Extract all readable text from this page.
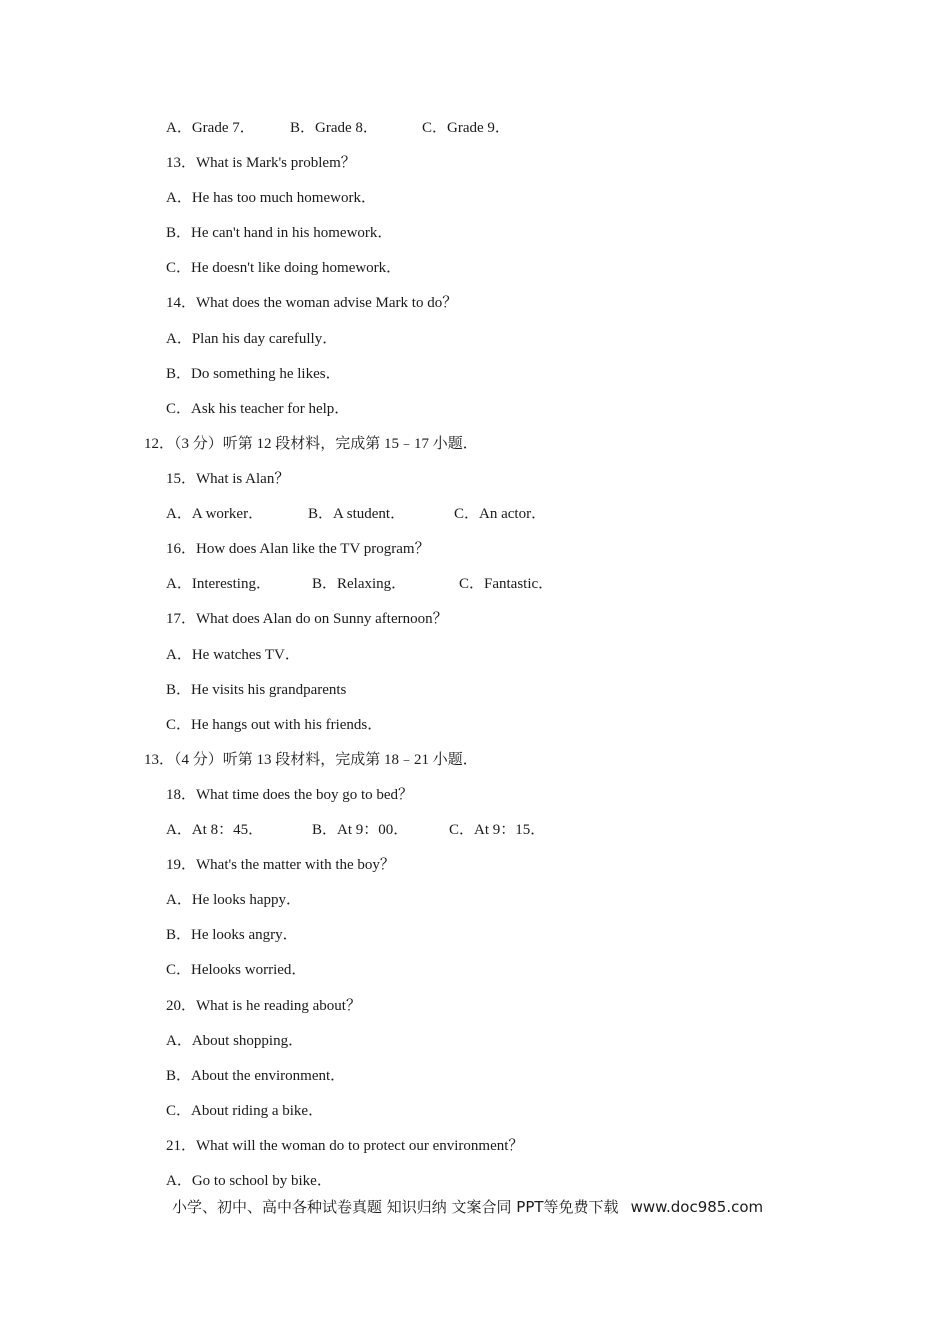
A．Grade 7． B．Grade 8．	C．Grade 9．
13．What is Mark's problem？
A．He has too much homework．
B．He can't hand in his homework．
C．He doesn't like doing homework．
14．What does the woman advise Mark to do？
A．Plan his day carefully．
B．Do something he likes．
C．Ask his teacher for help．
12．（3 分）听第 12 段材料，完成第 15﹣17 小题．
15．What is Alan？
A．A worker．	B．A student．	C．An actor．
16．How does Alan like the TV program？
A．Interesting．	B．Relaxing．	C．Fantastic．
17．What does Alan do on Sunny afternoon？
A．He watches TV．
B．He visits his grandparents
C．He hangs out with his friends．
13．（4 分）听第 13 段材料，完成第 18﹣21 小题．
18．What time does the boy go to bed？
A．At 8：45．	B．At 9：00．	C．At 9：15．
19．What's the matter with the boy？
A．He looks happy．
B．He looks angry．
C．Helooks worried．
20．What is he reading about？
A．About shopping．
B．About the environment．
C．About riding a bike．
21．What will the woman do to protect our environment？
A．Go to school by bike．
小学、初中、高中各种试卷真题 知识归纳 文案合同 PPT等免费下载 www.doc985.com
